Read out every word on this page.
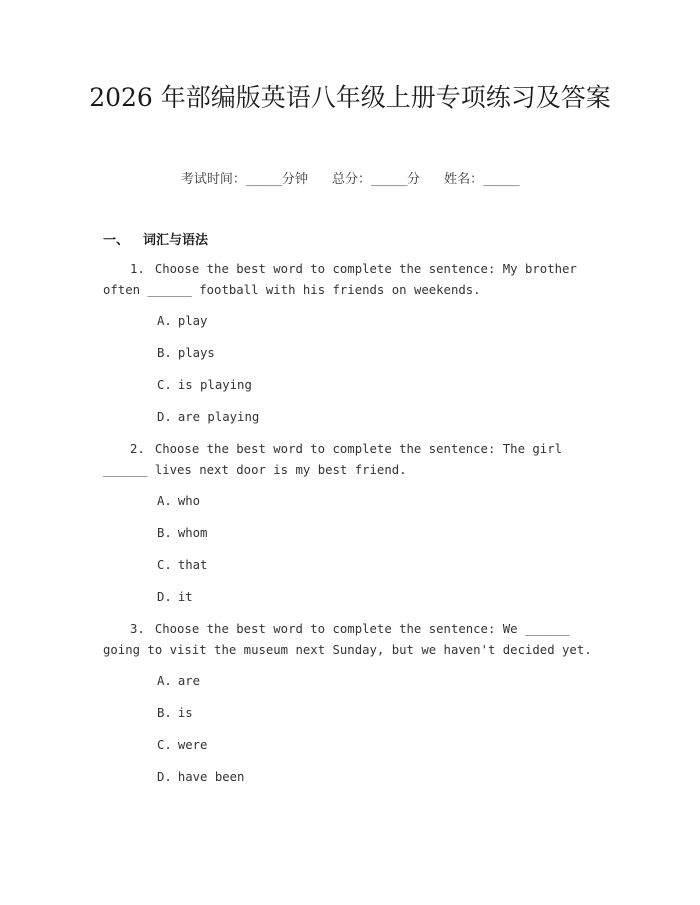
2026 年部编版英语八年级上册专项练习及答案
考试时间：______分钟 总分：______分 姓名：______
一、 词汇与语法
1. Choose the best word to complete the sentence: My brother often ______ football with his friends on weekends.
A. play
B. plays
C. is playing
D. are playing
2. Choose the best word to complete the sentence: The girl ______ lives next door is my best friend.
A. who
B. whom
C. that
D. it
3. Choose the best word to complete the sentence: We ______ going to visit the museum next Sunday, but we haven't decided yet.
A. are
B. is
C. were
D. have been
